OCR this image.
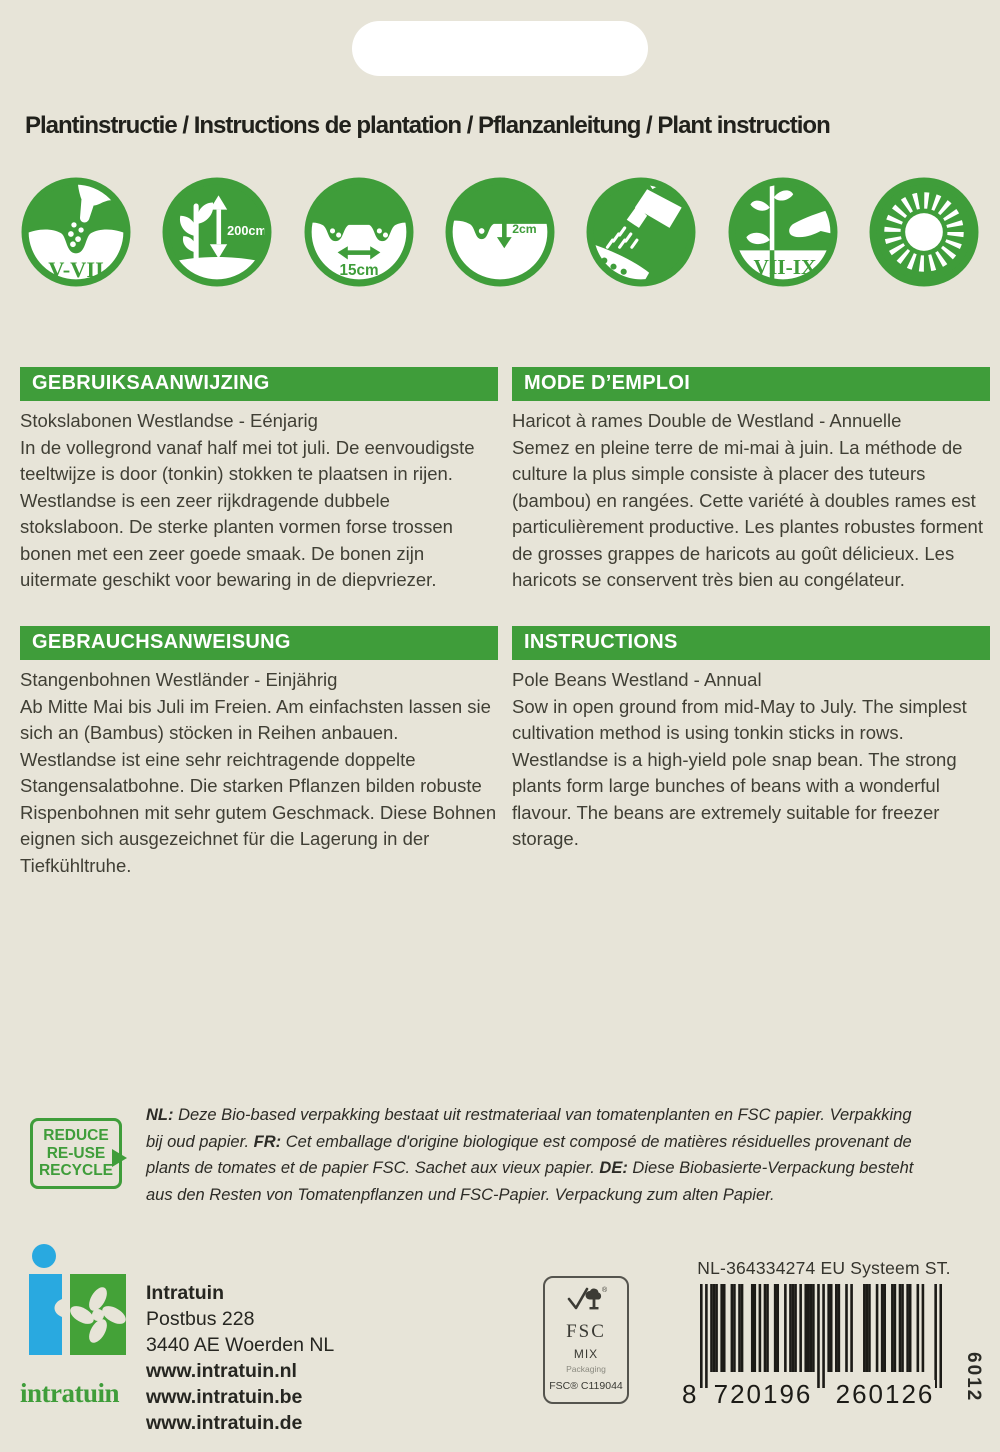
Plantinstructie / Instructions de plantation / Pflanzanleitung / Plant instruction
V-VII
200cm
15cm
2cm
VII-IX
GEBRUIKSAANWIJZING
Stokslabonen Westlandse - Eénjarig
In de vollegrond vanaf half mei tot juli. De eenvoudigste teeltwijze is door (tonkin) stokken te plaatsen in rijen. Westlandse is een zeer rijkdragende dubbele stokslaboon. De sterke planten vormen forse trossen bonen met een zeer goede smaak. De bonen zijn uitermate geschikt voor bewaring in de diepvriezer.
MODE D’EMPLOI
Haricot à rames Double de Westland - Annuelle
Semez en pleine terre de mi-mai à juin. La méthode de culture la plus simple consiste à placer des tuteurs (bambou) en rangées. Cette variété à doubles rames est particulièrement productive. Les plantes robustes forment de grosses grappes de haricots au goût délicieux. Les haricots se conservent très bien au congélateur.
GEBRAUCHSANWEISUNG
Stangenbohnen Westländer - Einjährig
Ab Mitte Mai bis Juli im Freien. Am einfachsten lassen sie sich an (Bambus) stöcken in Reihen anbauen. Westlandse ist eine sehr reichtragende doppelte Stangensalatbohne. Die starken Pflanzen bilden robuste Rispenbohnen mit sehr gutem Geschmack. Diese Bohnen eignen sich ausgezeichnet für die Lagerung in der Tiefkühltruhe.
INSTRUCTIONS
Pole Beans Westland - Annual
Sow in open ground from mid-May to July. The simplest cultivation method is using tonkin sticks in rows. Westlandse is a high-yield pole snap bean. The strong plants form large bunches of beans with a wonderful flavour. The beans are extremely suitable for freezer storage.
REDUCE
RE-USE
RECYCLE
NL: Deze Bio-based verpakking bestaat uit restmateriaal van tomatenplanten en FSC papier. Verpakking
bij oud papier. FR: Cet emballage d'origine biologique est composé de matières résiduelles provenant de
plants de tomates et de papier FSC. Sachet aux vieux papier. DE: Diese Biobasierte-Verpackung besteht
aus den Resten von Tomatenpflanzen und FSC-Papier. Verpackung zum alten Papier.
intratuin
Intratuin
Postbus 228
3440 AE Woerden NL
www.intratuin.nl
www.intratuin.be
www.intratuin.de
®
FSC
MIX
Packaging
FSC® C119044
NL-364334274 EU Systeem ST.
8 720196 260126 6012
